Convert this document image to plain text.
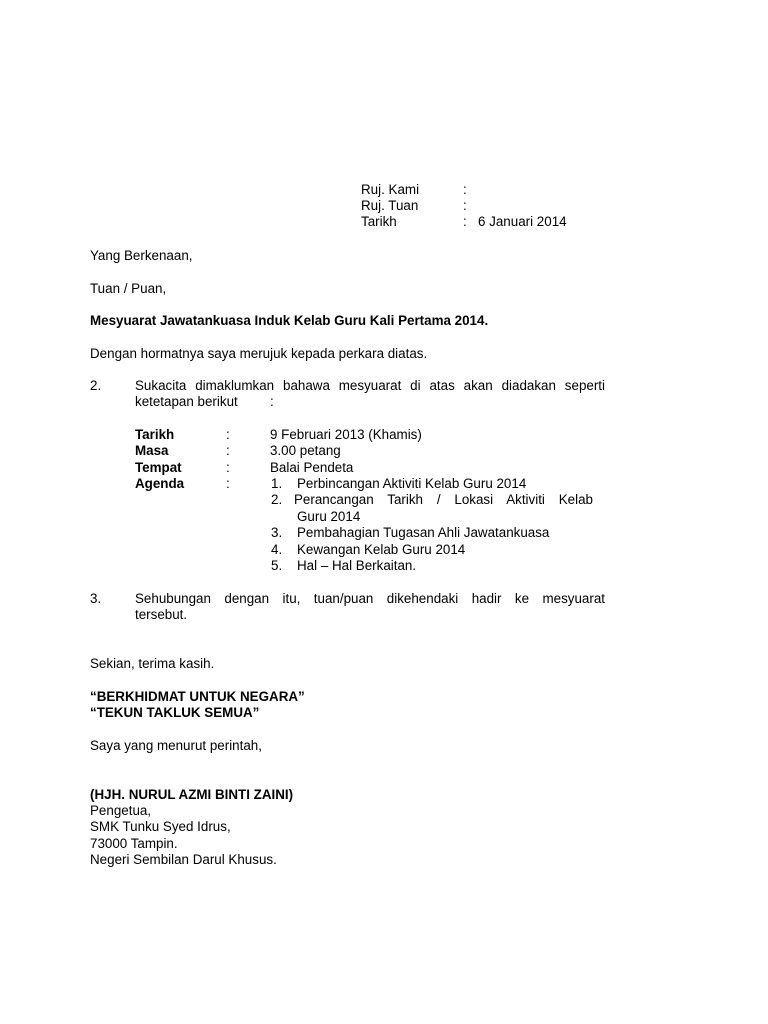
Ruj. Kami	:
Ruj. Tuan	:
Tarikh	: 6 Januari 2014
Yang Berkenaan,
Tuan / Puan,
Mesyuarat Jawatankuasa Induk Kelab Guru Kali Pertama 2014.
Dengan hormatnya saya merujuk kepada perkara diatas.
2.	Sukacita dimaklumkan bahawa mesyuarat di atas akan diadakan seperti
ketetapan berikut :
Tarikh	:	9 Februari 2013 (Khamis)
Masa	:	3.00 petang
Tempat	:	Balai Pendeta
Agenda	:	1. Perbincangan Aktiviti Kelab Guru 2014
2. Perancangan Tarikh / Lokasi Aktiviti Kelab
Guru 2014
3. Pembahagian Tugasan Ahli Jawatankuasa
4. Kewangan Kelab Guru 2014
5. Hal – Hal Berkaitan.
3.	Sehubungan dengan itu, tuan/puan dikehendaki hadir ke mesyuarat
tersebut.
Sekian, terima kasih.
“BERKHIDMAT UNTUK NEGARA”
“TEKUN TAKLUK SEMUA”
Saya yang menurut perintah,
(HJH. NURUL AZMI BINTI ZAINI)
Pengetua,
SMK Tunku Syed Idrus,
73000 Tampin.
Negeri Sembilan Darul Khusus.
